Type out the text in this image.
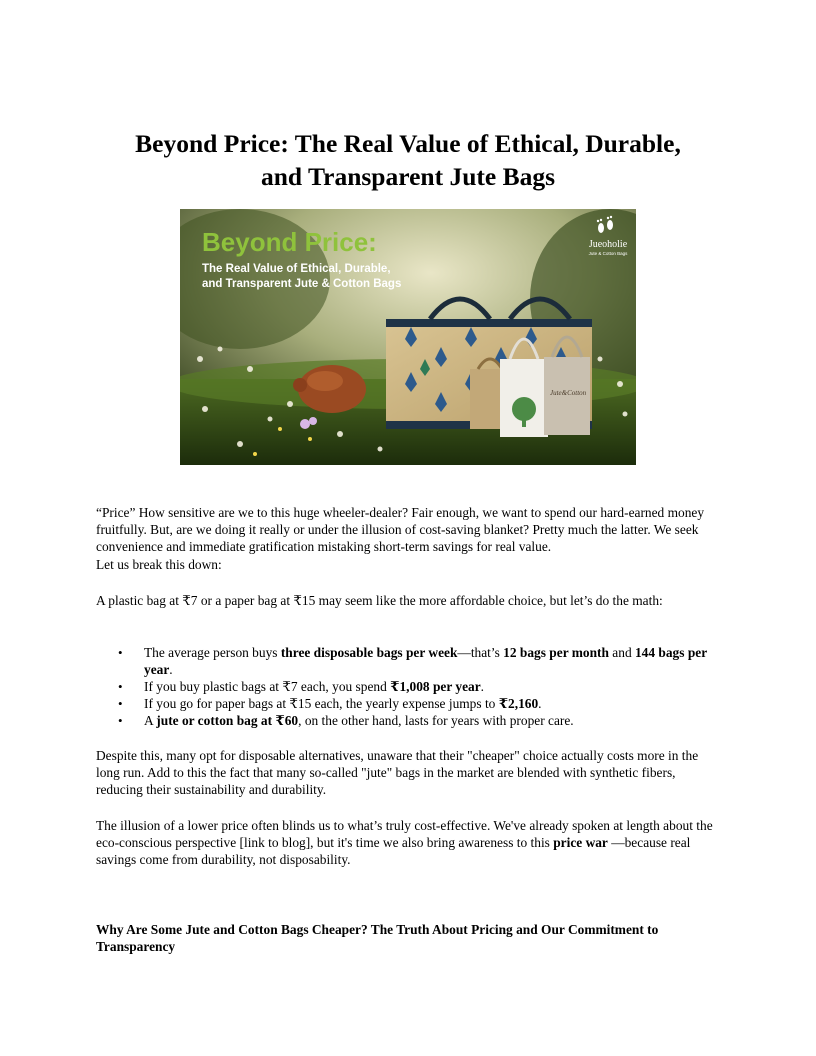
Beyond Price: The Real Value of Ethical, Durable,
and Transparent Jute Bags
Jute&Cotton
Beyond Price:
The Real Value of Ethical, Durable,
and Transparent Jute & Cotton Bags
Jueoholie
Jute & Cotton Bags

“Price” How sensitive are we to this huge wheeler-dealer? Fair enough, we want to spend our hard-earned money fruitfully. But, are we doing it really or under the illusion of cost-saving blanket? Pretty much the latter. We seek convenience and immediate gratification mistaking short-term savings for real value.

Let us break this down:

A plastic bag at ₹7 or a paper bag at ₹15 may seem like the more affordable choice, but let’s do the math:

• The average person buys three disposable bags per week—that’s 12 bags per month and 144 bags per year.
• If you buy plastic bags at ₹7 each, you spend ₹1,008 per year.
• If you go for paper bags at ₹15 each, the yearly expense jumps to ₹2,160.
• A jute or cotton bag at ₹60, on the other hand, lasts for years with proper care.

Despite this, many opt for disposable alternatives, unaware that their "cheaper" choice actually costs more in the long run. Add to this the fact that many so-called "jute" bags in the market are blended with synthetic fibers, reducing their sustainability and durability.

The illusion of a lower price often blinds us to what’s truly cost-effective. We've already spoken at length about the eco-conscious perspective [link to blog], but it's time we also bring awareness to this price war —because real savings come from durability, not disposability.

Why Are Some Jute and Cotton Bags Cheaper? The Truth About Pricing and Our Commitment to Transparency
